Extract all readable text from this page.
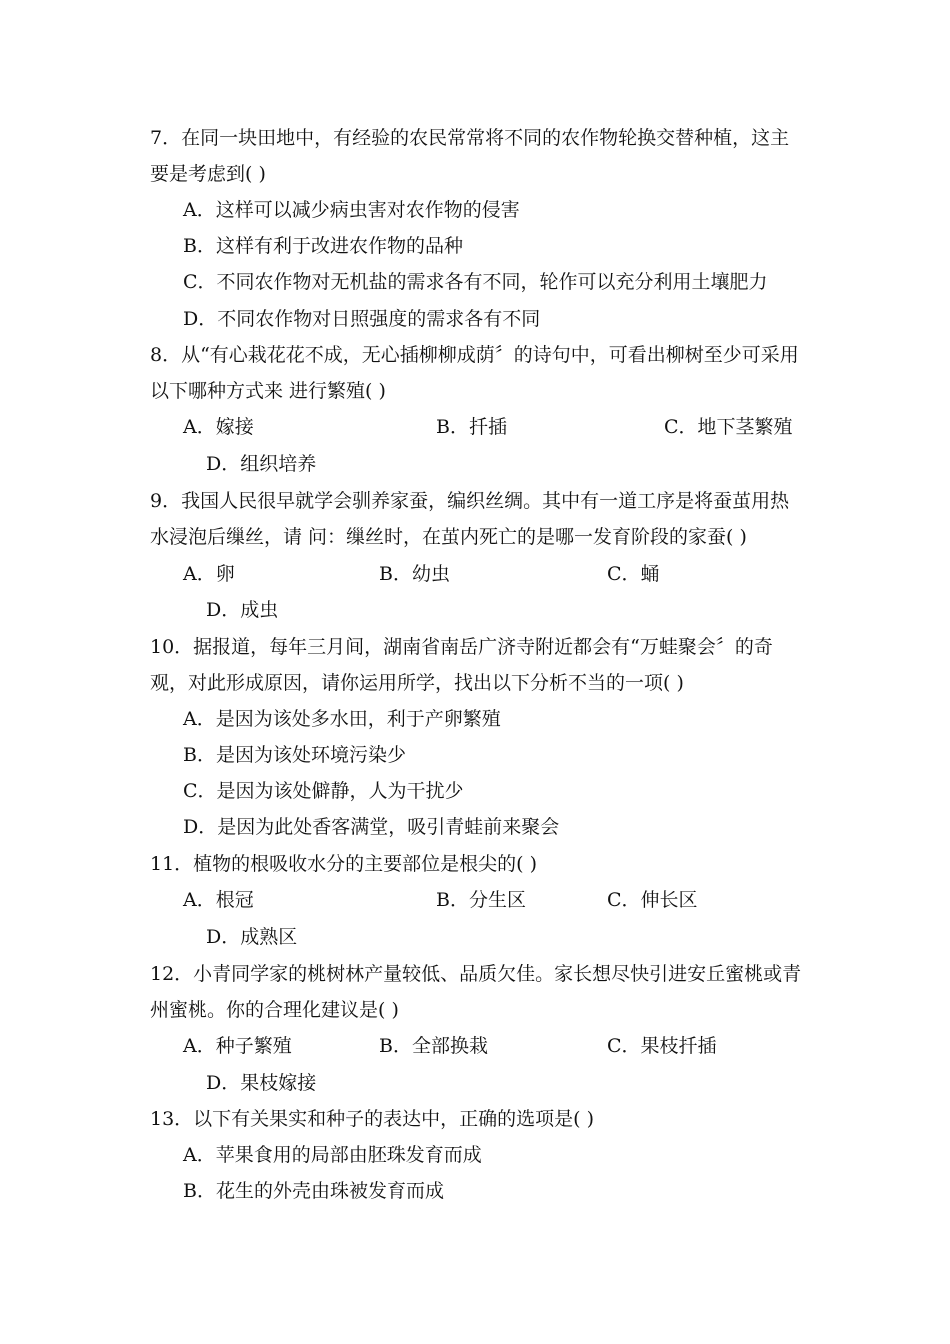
7．在同一块田地中，有经验的农民常常将不同的农作物轮换交替种植，这主
要是考虑到( )
A．这样可以减少病虫害对农作物的侵害
B．这样有利于改进农作物的品种
C．不同农作物对无机盐的需求各有不同，轮作可以充分利用土壤肥力
D．不同农作物对日照强度的需求各有不同
8．从“有心栽花花不成，无心插柳柳成荫〞的诗句中，可看出柳树至少可采用
以下哪种方式来 进行繁殖( )
A．嫁接	B．扦插	C．地下茎繁殖
D．组织培养
9．我国人民很早就学会驯养家蚕，编织丝绸。其中有一道工序是将蚕茧用热
水浸泡后缫丝，请 问：缫丝时，在茧内死亡的是哪一发育阶段的家蚕( )
A．卵	B．幼虫	C．蛹
D．成虫
10．据报道，每年三月间，湖南省南岳广济寺附近都会有“万蛙聚会〞的奇
观，对此形成原因，请你运用所学，找出以下分析不当的一项( )
A．是因为该处多水田，利于产卵繁殖
B．是因为该处环境污染少
C．是因为该处僻静，人为干扰少
D．是因为此处香客满堂，吸引青蛙前来聚会
11．植物的根吸收水分的主要部位是根尖的( )
A．根冠	B．分生区	C．伸长区
D．成熟区
12．小青同学家的桃树林产量较低、品质欠佳。家长想尽快引进安丘蜜桃或青
州蜜桃。你的合理化建议是( )
A．种子繁殖	B．全部换栽	C．果枝扦插
D．果枝嫁接
13．以下有关果实和种子的表达中，正确的选项是( )
A．苹果食用的局部由胚珠发育而成
B．花生的外壳由珠被发育而成
